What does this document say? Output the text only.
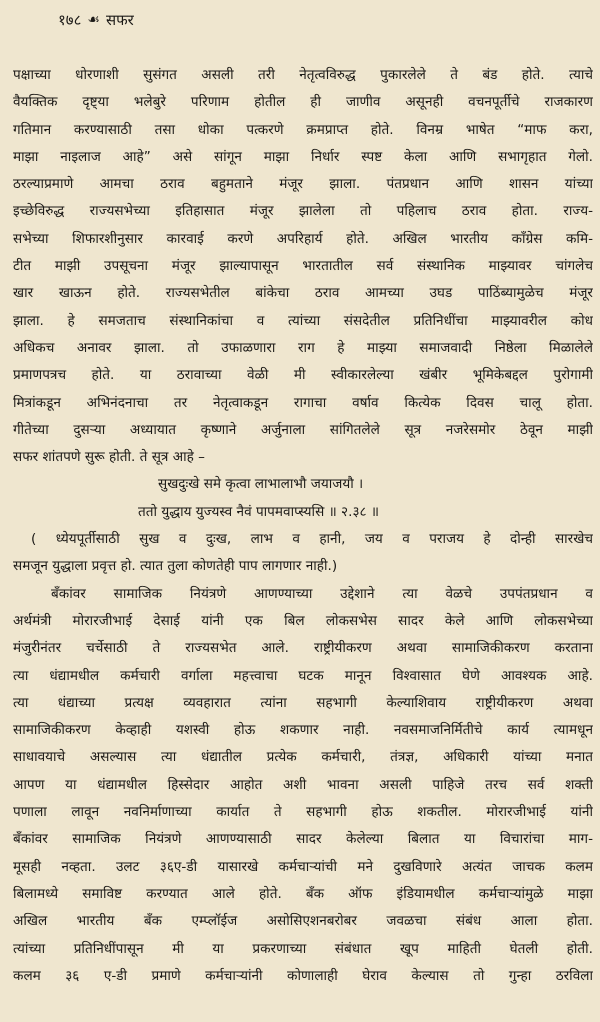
१७८ ☙ सफर
पक्षाच्या धोरणाशी सुसंगत असली तरी नेतृत्वविरुद्ध पुकारलेले ते बंड होते. त्याचे
वैयक्तिक दृष्ट्या भलेबुरे परिणाम होतील ही जाणीव असूनही वचनपूर्तीचे राजकारण
गतिमान करण्यासाठी तसा धोका पत्करणे क्रमप्राप्त होते. विनम्र भाषेत “माफ करा,
माझा नाइलाज आहे” असे सांगून माझा निर्धार स्पष्ट केला आणि सभागृहात गेलो.
ठरल्याप्रमाणे आमचा ठराव बहुमताने मंजूर झाला. पंतप्रधान आणि शासन यांच्या
इच्छेविरुद्ध राज्यसभेच्या इतिहासात मंजूर झालेला तो पहिलाच ठराव होता. राज्य-
सभेच्या शिफारशीनुसार कारवाई करणे अपरिहार्य होते. अखिल भारतीय काँग्रेस कमि-
टीत माझी उपसूचना मंजूर झाल्यापासून भारतातील सर्व संस्थानिक माझ्यावर चांगलेच
खार खाऊन होते. राज्यसभेतील बांकेचा ठराव आमच्या उघड पाठिंब्यामुळेच मंजूर
झाला. हे समजताच संस्थानिकांचा व त्यांच्या संसदेतील प्रतिनिधींचा माझ्यावरील कोध
अधिकच अनावर झाला. तो उफाळणारा राग हे माझ्या समाजवादी निष्ठेला मिळालेले
प्रमाणपत्रच होते. या ठरावाच्या वेळी मी स्वीकारलेल्या खंबीर भूमिकेबद्दल पुरोगामी
मित्रांकडून अभिनंदनाचा तर नेतृत्वाकडून रागाचा वर्षाव कित्येक दिवस चालू होता.
गीतेच्या दुसऱ्या अध्यायात कृष्णाने अर्जुनाला सांगितलेले सूत्र नजरेसमोर ठेवून माझी
सफर शांतपणे सुरू होती. ते सूत्र आहे –
सुखदुःखे समे कृत्वा लाभालाभौ जयाजयौ ।
ततो युद्धाय युज्यस्व नैवं पापमवाप्स्यसि ॥ २.३८ ॥
( ध्येयपूर्तीसाठी सुख व दुःख, लाभ व हानी, जय व पराजय हे दोन्ही सारखेच
समजून युद्धाला प्रवृत्त हो. त्यात तुला कोणतेही पाप लागणार नाही.)
बँकांवर सामाजिक नियंत्रणे आणण्याच्या उद्देशाने त्या वेळचे उपपंतप्रधान व
अर्थमंत्री मोरारजीभाई देसाई यांनी एक बिल लोकसभेस सादर केले आणि लोकसभेच्या
मंजुरीनंतर चर्चेसाठी ते राज्यसभेत आले. राष्ट्रीयीकरण अथवा सामाजिकीकरण करताना
त्या धंद्यामधील कर्मचारी वर्गाला महत्त्वाचा घटक मानून विश्वासात घेणे आवश्यक आहे.
त्या धंद्याच्या प्रत्यक्ष व्यवहारात त्यांना सहभागी केल्याशिवाय राष्ट्रीयीकरण अथवा
सामाजिकीकरण केव्हाही यशस्वी होऊ शकणार नाही. नवसमाजनिर्मितीचे कार्य त्यामधून
साधावयाचे असल्यास त्या धंद्यातील प्रत्येक कर्मचारी, तंत्रज्ञ, अधिकारी यांच्या मनात
आपण या धंद्यामधील हिस्सेदार आहोत अशी भावना असली पाहिजे तरच सर्व शक्ती
पणाला लावून नवनिर्माणाच्या कार्यात ते सहभागी होऊ शकतील. मोरारजीभाई यांनी
बँकांवर सामाजिक नियंत्रणे आणण्यासाठी सादर केलेल्या बिलात या विचारांचा माग-
मूसही नव्हता. उलट ३६ए-डी यासारखे कर्मचाऱ्यांची मने दुखविणारे अत्यंत जाचक कलम
बिलामध्ये समाविष्ट करण्यात आले होते. बँक ऑफ इंडियामधील कर्मचाऱ्यांमुळे माझा
अखिल भारतीय बँक एम्प्लॉईज असोसिएशनबरोबर जवळचा संबंध आला होता.
त्यांच्या प्रतिनिधींपासून मी या प्रकरणाच्या संबंधात खूप माहिती घेतली होती.
कलम ३६ ए-डी प्रमाणे कर्मचाऱ्यांनी कोणालाही घेराव केल्यास तो गुन्हा ठरविला
